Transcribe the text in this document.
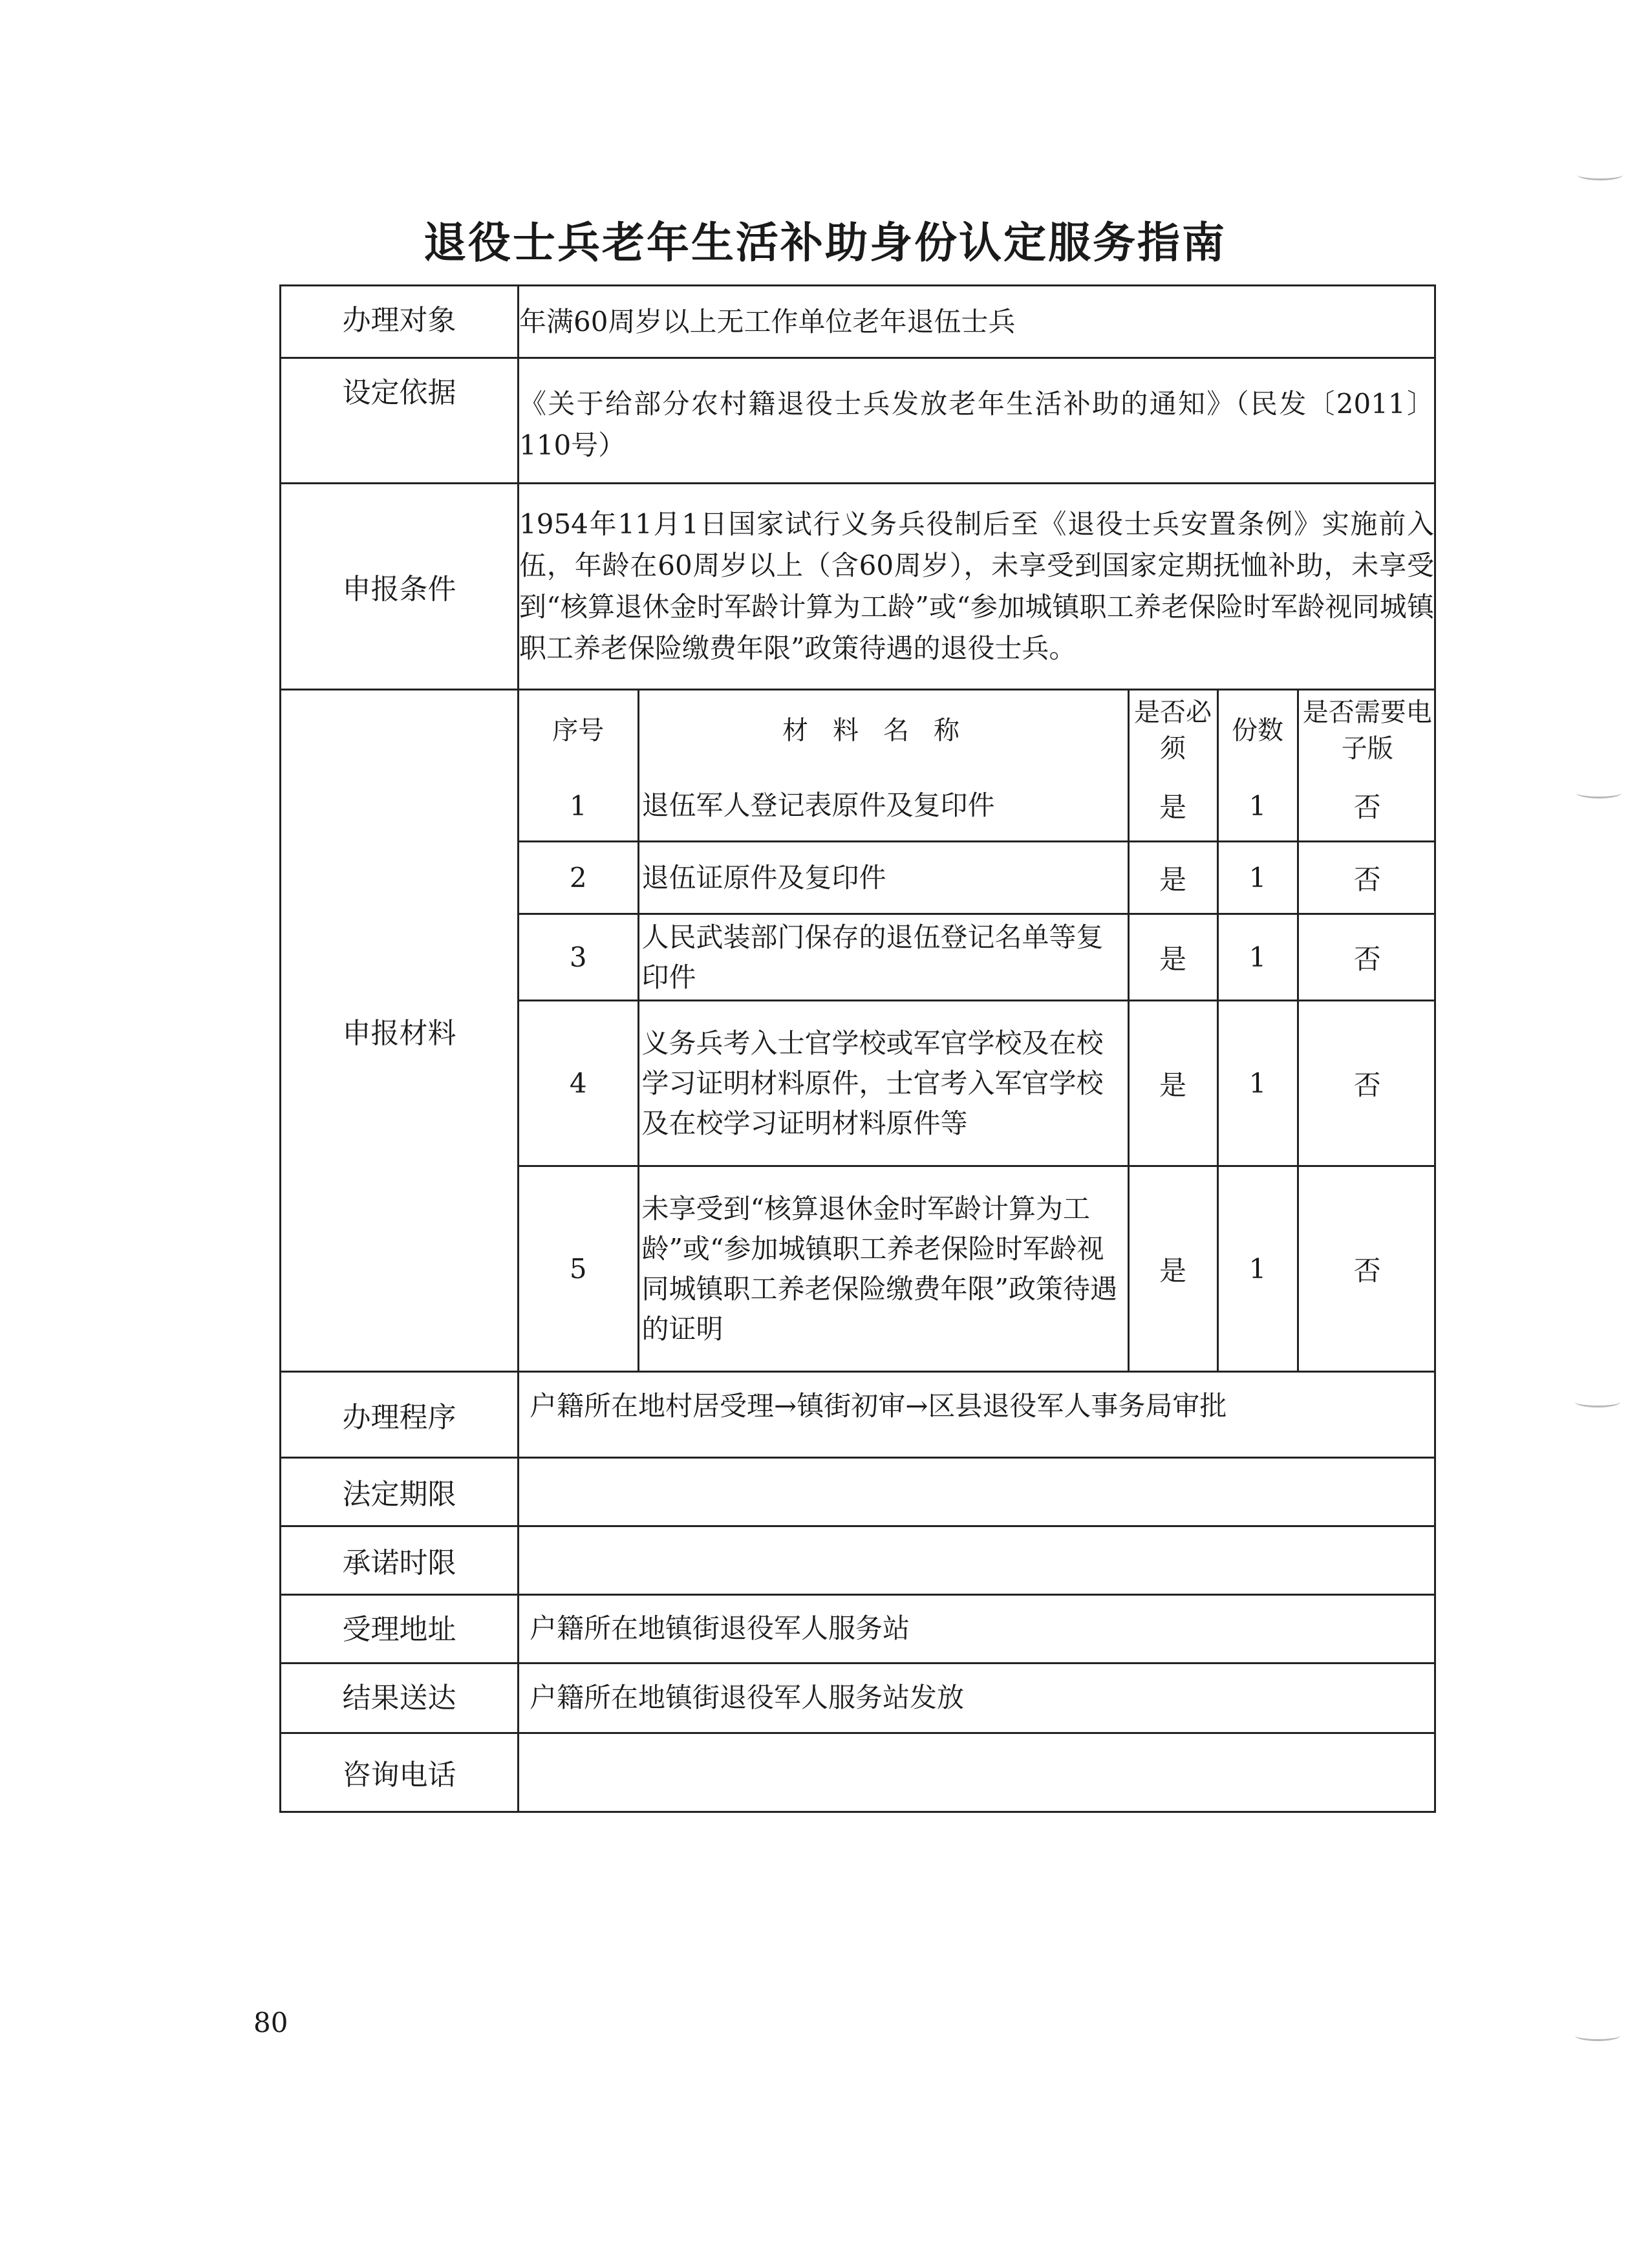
退役士兵老年生活补助身份认定服务指南
办理对象	年满60周岁以上无工作单位老年退伍士兵
设定依据	《关于给部分农村籍退役士兵发放老年生活补助的通知》（民发〔2011〕110号）
申报条件	1954年11月1日国家试行义务兵役制后至《退役士兵安置条例》实施前入伍，年龄在60周岁以上（含60周岁），未享受到国家定期抚恤补助，未享受到“核算退休金时军龄计算为工龄”或“参加城镇职工养老保险时军龄视同城镇职工养老保险缴费年限”政策待遇的退役士兵。
申报材料	
序号	材料名称	是否必须	份数	是否需要电子版
1	退伍军人登记表原件及复印件	是	1	否
2	退伍证原件及复印件	是	1	否
3	人民武装部门保存的退伍登记名单等复印件	是	1	否
4	义务兵考入士官学校或军官学校及在校学习证明材料原件，士官考入军官学校及在校学习证明材料原件等	是	1	否
5	未享受到“核算退休金时军龄计算为工龄”或“参加城镇职工养老保险时军龄视同城镇职工养老保险缴费年限”政策待遇的证明	是	1	否

办理程序	户籍所在地村居受理→镇街初审→区县退役军人事务局审批
法定期限	
承诺时限	
受理地址	户籍所在地镇街退役军人服务站
结果送达	户籍所在地镇街退役军人服务站发放
咨询电话	
80
